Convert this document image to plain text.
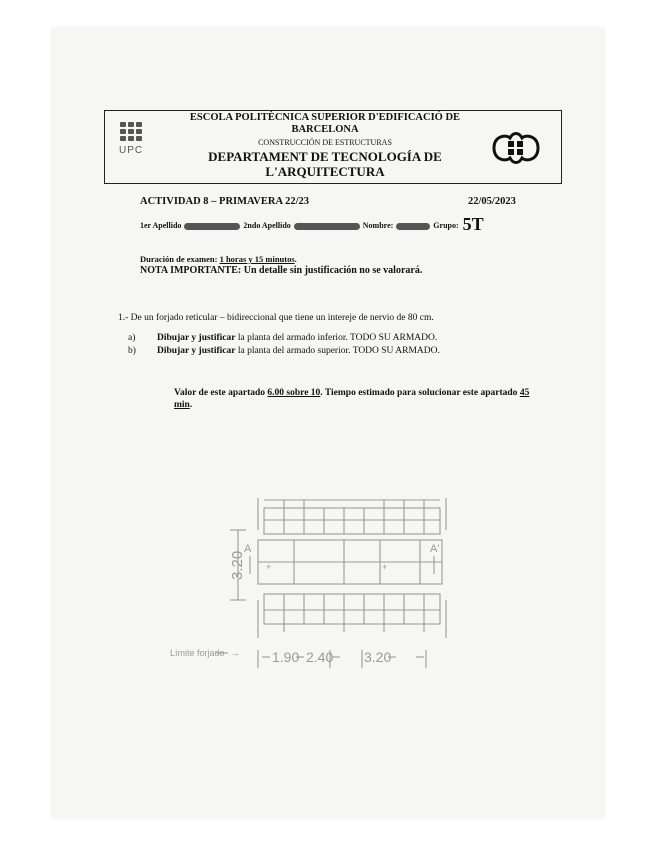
UPC
ESCOLA POLITÈCNICA SUPERIOR D'EDIFICACIÓ DE
BARCELONA
CONSTRUCCIÓN DE ESTRUCTURAS
DEPARTAMENT DE TECNOLOGÍA DE
L'ARQUITECTURA
ACTIVIDAD 8 – PRIMAVERA 22/23	22/05/2023
1er Apellido	2ndo Apellido	Nombre:	Grupo: 5T
Duración de examen: 1 horas y 15 minutos.
NOTA IMPORTANTE: Un detalle sin justificación no se valorará.
1.- De un forjado reticular – bidireccional que tiene un intereje de nervio de 80 cm.
a) Dibujar y justificar la planta del armado inferior. TODO SU ARMADO.
b) Dibujar y justificar la planta del armado superior. TODO SU ARMADO.
Valor de este apartado 6.00 sobre 10. Tiempo estimado para solucionar este apartado 45 min.
Límite forjado →
3.20
1.90 2.40 3.20
A	A'
+	+
